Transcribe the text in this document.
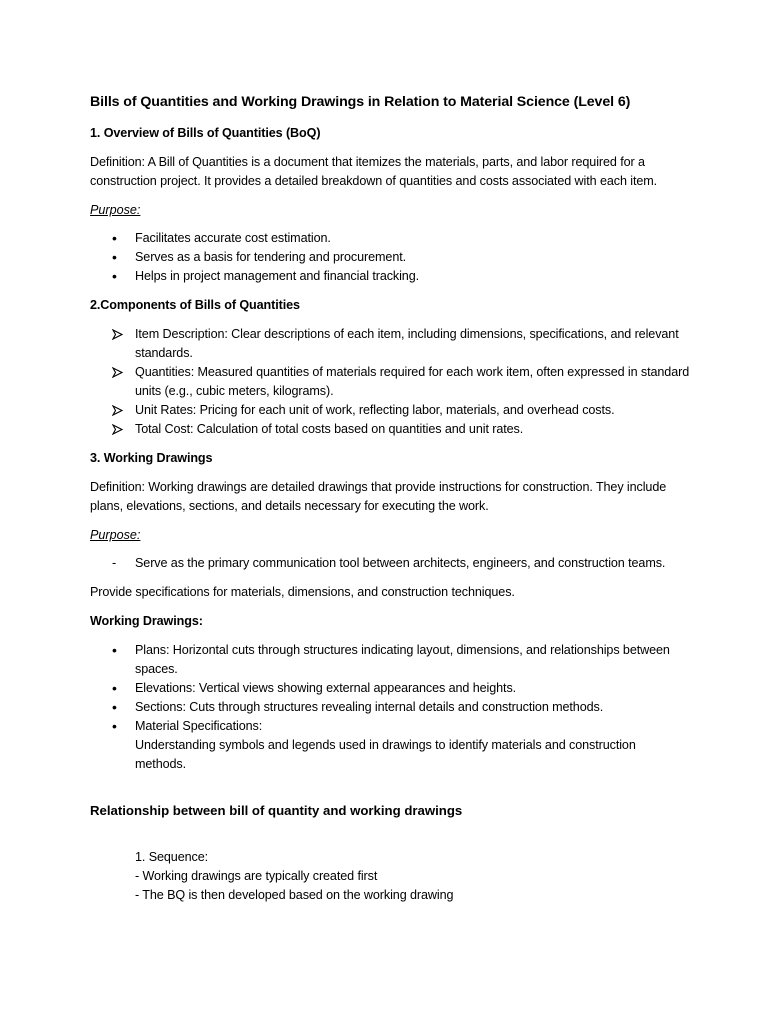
Bills of Quantities and Working Drawings in Relation to Material Science (Level 6)
1. Overview of Bills of Quantities (BoQ)

Definition: A Bill of Quantities is a document that itemizes the materials, parts, and labor required for a construction project. It provides a detailed breakdown of quantities and costs associated with each item.

Purpose:

•	Facilitates accurate cost estimation.
•	Serves as a basis for tendering and procurement.
•	Helps in project management and financial tracking.
2.Components of Bills of Quantities
Item Description: Clear descriptions of each item, including dimensions, specifications, and relevant standards.
Quantities: Measured quantities of materials required for each work item, often expressed in standard units (e.g., cubic meters, kilograms).
Unit Rates: Pricing for each unit of work, reflecting labor, materials, and overhead costs.
Total Cost: Calculation of total costs based on quantities and unit rates.
3. Working Drawings

Definition: Working drawings are detailed drawings that provide instructions for construction. They include plans, elevations, sections, and details necessary for executing the work.

Purpose:

-	Serve as the primary communication tool between architects, engineers, and construction teams.

Provide specifications for materials, dimensions, and construction techniques.

Working Drawings:
•	Plans: Horizontal cuts through structures indicating layout, dimensions, and relationships between spaces.
•	Elevations: Vertical views showing external appearances and heights.
•	Sections: Cuts through structures revealing internal details and construction methods.
•	Material Specifications:
Understanding symbols and legends used in drawings to identify materials and construction methods.
Relationship between bill of quantity and working drawings

1. Sequence:

- Working drawings are typically created first

- The BQ is then developed based on the working drawing
